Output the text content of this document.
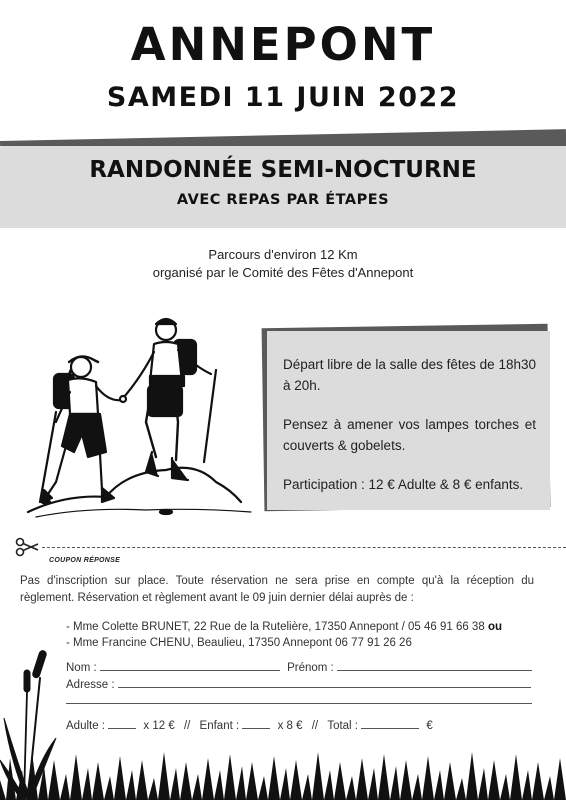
ANNEPONT
SAMEDI 11 JUIN 2022
RANDONNÉE SEMI-NOCTURNE
AVEC REPAS PAR ÉTAPES
Parcours d'environ 12 Km
organisé par le Comité des Fêtes d'Annepont

Départ libre de la salle des fêtes de 18h30 à 20h.

Pensez à amener vos lampes torches et couverts & gobelets.

Participation : 12 € Adulte & 8 € enfants.

COUPON RÉPONSE
Pas d'inscription sur place. Toute réservation ne sera prise en compte qu'à la réception du règlement. Réservation et règlement avant le 09 juin dernier délai auprès de :
- Mme Colette BRUNET, 22 Rue de la Rutelière, 17350 Annepont / 05 46 91 66 38 ou
- Mme Francine CHENU, Beaulieu, 17350 Annepont 06 77 91 26 26
Nom :	Prénom :
Adresse :
Adulte :	x 12 € // Enfant :	x 8 € // Total :	€
